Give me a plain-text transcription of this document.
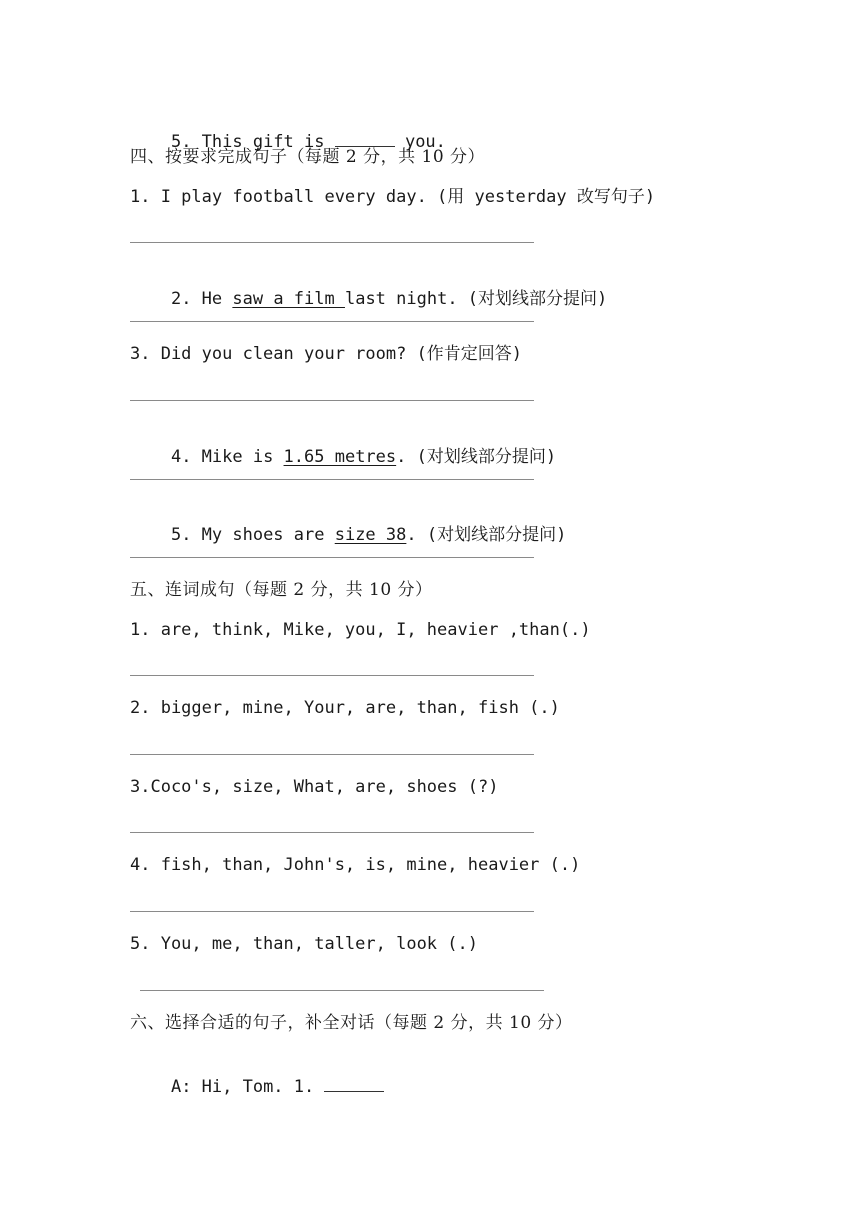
5. This gift is	you.

四、按要求完成句子（每题 2 分，共 10 分）
1. I play football every day. (用 yesterday 改写句子)

2. He saw a film last night. (对划线部分提问)

3. Did you clean your room? (作肯定回答)

4. Mike is 1.65 metres. (对划线部分提问)

5. My shoes are size 38. (对划线部分提问)

五、连词成句（每题 2 分，共 10 分）
1. are, think, Mike, you, I, heavier ,than(.)
2. bigger, mine, Your, are, than, fish (.)
3.Coco's, size, What, are, shoes (?)
4. fish, than, John's, is, mine, heavier (.)
5. You, me, than, taller, look (.)
六、选择合适的句子，补全对话（每题 2 分，共 10 分）

A: Hi, Tom. 1.
